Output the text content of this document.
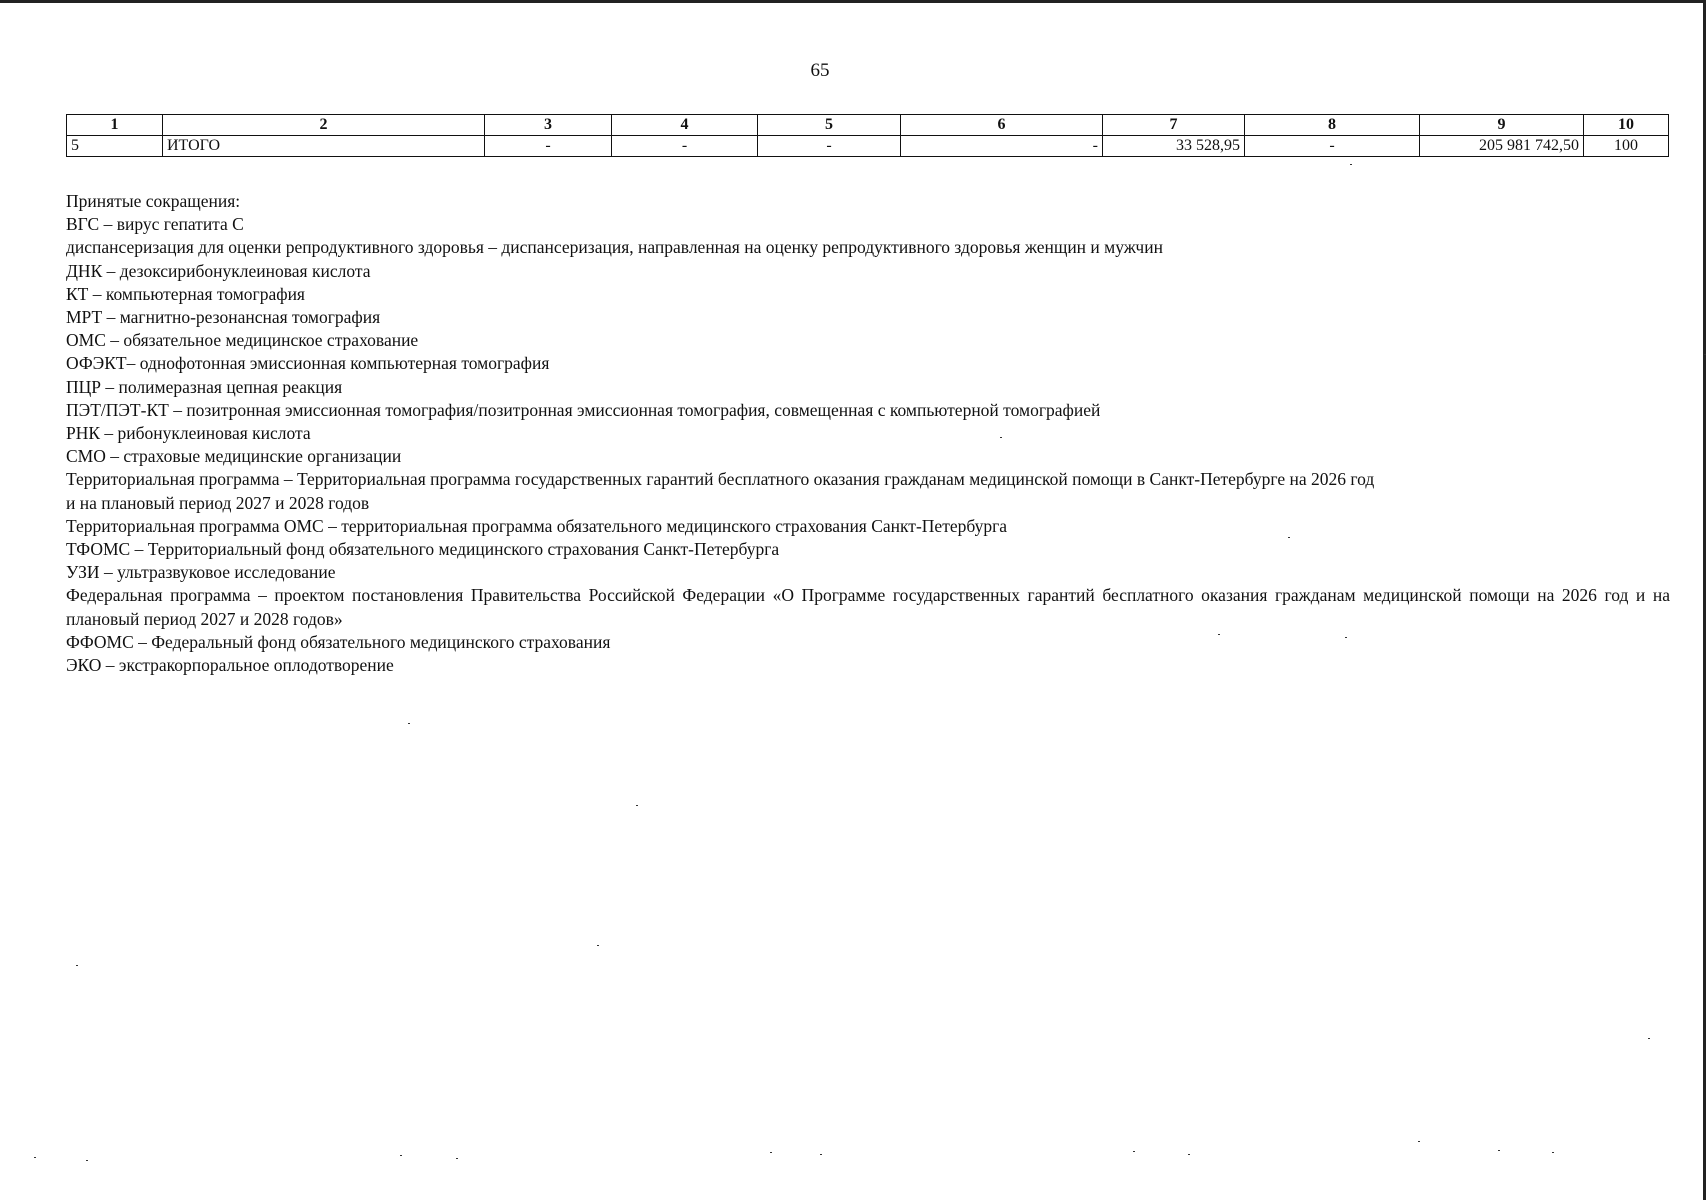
65
1	2	3	4	5	6	7	8	9	10
5	ИТОГО	-	-	-	-	33 528,95	-	205 981 742,50	100
Принятые сокращения:
ВГС – вирус гепатита С
диспансеризация для оценки репродуктивного здоровья – диспансеризация, направленная на оценку репродуктивного здоровья женщин и мужчин
ДНК – дезоксирибонуклеиновая кислота
КТ – компьютерная томография
МРТ – магнитно-резонансная томография
ОМС – обязательное медицинское страхование
ОФЭКТ– однофотонная эмиссионная компьютерная томография
ПЦР – полимеразная цепная реакция
ПЭТ/ПЭТ-КТ – позитронная эмиссионная томография/позитронная эмиссионная томография, совмещенная с компьютерной томографией
РНК – рибонуклеиновая кислота
СМО – страховые медицинские организации
Территориальная программа – Территориальная программа государственных гарантий бесплатного оказания гражданам медицинской помощи в Санкт-Петербурге на 2026 год
и на плановый период 2027 и 2028 годов
Территориальная программа ОМС – территориальная программа обязательного медицинского страхования Санкт-Петербурга
ТФОМС – Территориальный фонд обязательного медицинского страхования Санкт-Петербурга
УЗИ – ультразвуковое исследование
Федеральная программа – проектом постановления Правительства Российской Федерации «О Программе государственных гарантий бесплатного оказания гражданам медицинской помощи на 2026 год и на плановый период 2027 и 2028 годов»
ФФОМС – Федеральный фонд обязательного медицинского страхования
ЭКО – экстракорпоральное оплодотворение
